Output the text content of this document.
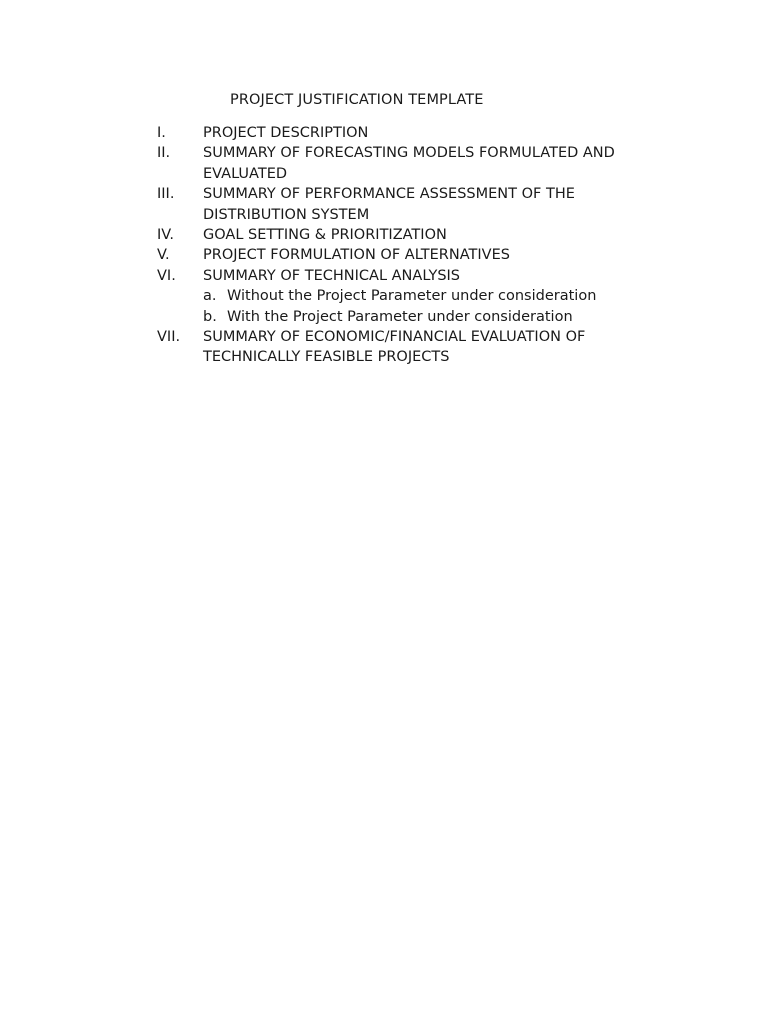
PROJECT JUSTIFICATION TEMPLATE
I.	PROJECT DESCRIPTION
II.	SUMMARY OF FORECASTING MODELS FORMULATED AND
EVALUATED
III.	SUMMARY OF PERFORMANCE ASSESSMENT OF THE
DISTRIBUTION SYSTEM
IV.	GOAL SETTING & PRIORITIZATION
V.	PROJECT FORMULATION OF ALTERNATIVES
VI.	SUMMARY OF TECHNICAL ANALYSIS
a. Without the Project Parameter under consideration
b. With the Project Parameter under consideration
VII.	SUMMARY OF ECONOMIC/FINANCIAL EVALUATION OF
TECHNICALLY FEASIBLE PROJECTS
